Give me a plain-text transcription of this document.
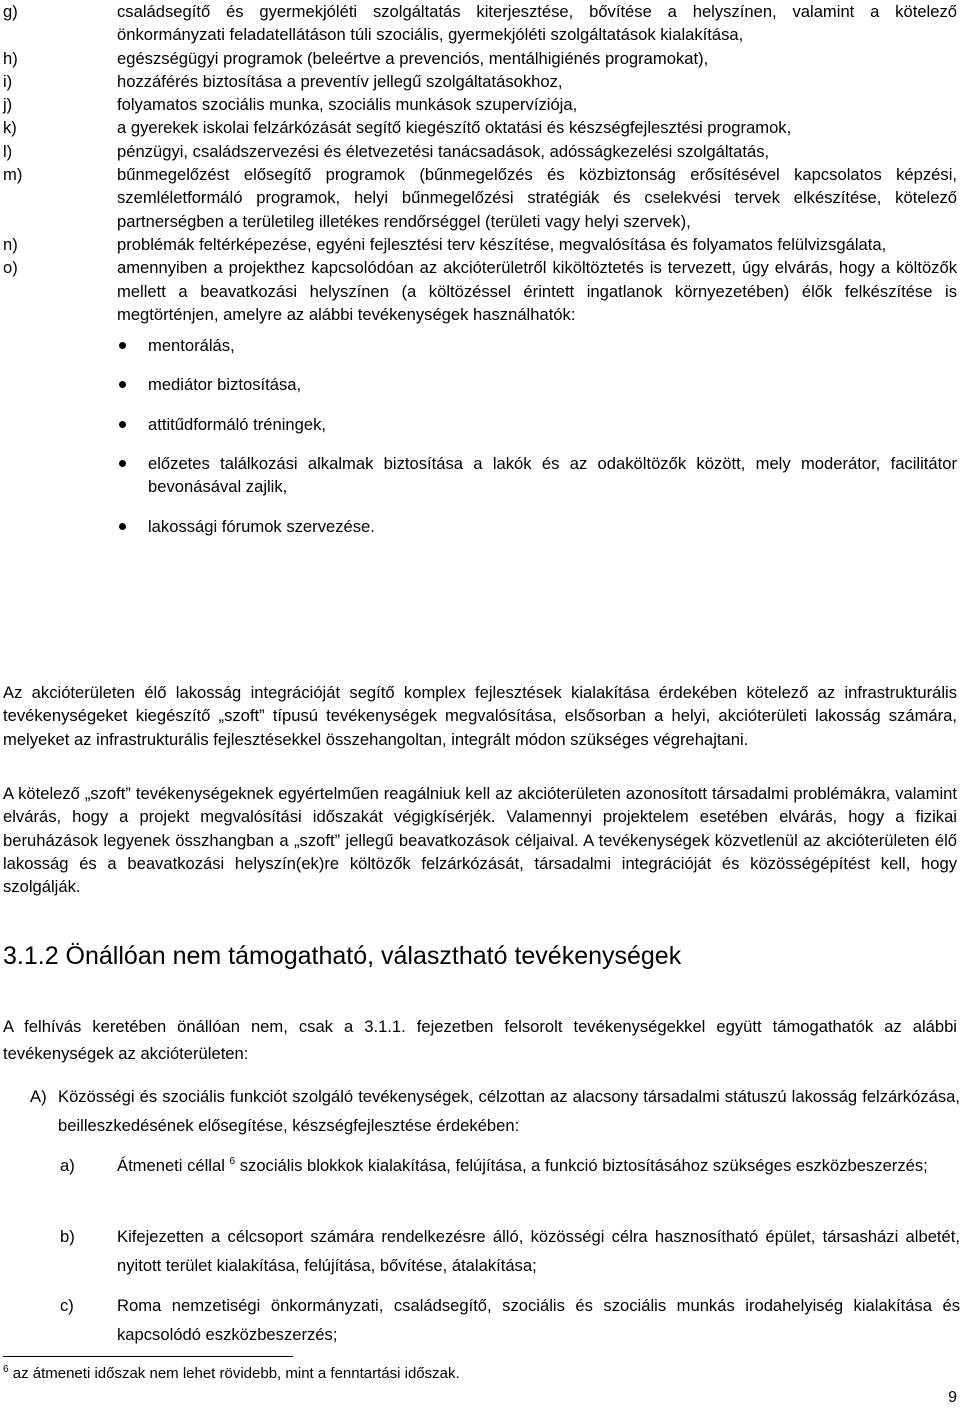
g)	családsegítő és gyermekjóléti szolgáltatás kiterjesztése, bővítése a helyszínen, valamint a kötelező önkormányzati feladatellátáson túli szociális, gyermekjóléti szolgáltatások kialakítása,
h)	egészségügyi programok (beleértve a prevenciós, mentálhigiénés programokat),
i)	hozzáférés biztosítása a preventív jellegű szolgáltatásokhoz,
j)	folyamatos szociális munka, szociális munkások szupervíziója,
k)	a gyerekek iskolai felzárkózását segítő kiegészítő oktatási és készségfejlesztési programok,
l)	pénzügyi, családszervezési és életvezetési tanácsadások, adósságkezelési szolgáltatás,
m)	bűnmegelőzést elősegítő programok (bűnmegelőzés és közbiztonság erősítésével kapcsolatos képzési, szemléletformáló programok, helyi bűnmegelőzési stratégiák és cselekvési tervek elkészítése, kötelező partnerségben a területileg illetékes rendőrséggel (területi vagy helyi szervek),
n)	problémák feltérképezése, egyéni fejlesztési terv készítése, megvalósítása és folyamatos felülvizsgálata,
o)	amennyiben a projekthez kapcsolódóan az akcióterületről kiköltöztetés is tervezett, úgy elvárás, hogy a költözők mellett a beavatkozási helyszínen (a költözéssel érintett ingatlanok környezetében) élők felkészítése is megtörténjen, amelyre az alábbi tevékenységek használhatók:
mentorálás,
mediátor biztosítása,
attitűdformáló tréningek,
előzetes találkozási alkalmak biztosítása a lakók és az odaköltözők között, mely moderátor, facilitátor bevonásával zajlik,
lakossági fórumok szervezése.
Az akcióterületen élő lakosság integrációját segítő komplex fejlesztések kialakítása érdekében kötelező az infrastrukturális tevékenységeket kiegészítő „szoft” típusú tevékenységek megvalósítása, elsősorban a helyi, akcióterületi lakosság számára, melyeket az infrastrukturális fejlesztésekkel összehangoltan, integrált módon szükséges végrehajtani.
A kötelező „szoft” tevékenységeknek egyértelműen reagálniuk kell az akcióterületen azonosított társadalmi problémákra, valamint elvárás, hogy a projekt megvalósítási időszakát végigkísérjék. Valamennyi projektelem esetében elvárás, hogy a fizikai beruházások legyenek összhangban a „szoft” jellegű beavatkozások céljaival. A tevékenységek közvetlenül az akcióterületen élő lakosság és a beavatkozási helyszín(ek)re költözők felzárkózását, társadalmi integrációját és közösségépítést kell, hogy szolgálják.
3.1.2 Önállóan nem támogatható, választható tevékenységek
A felhívás keretében önállóan nem, csak a 3.1.1. fejezetben felsorolt tevékenységekkel együtt támogathatók az alábbi tevékenységek az akcióterületen:
A) Közösségi és szociális funkciót szolgáló tevékenységek, célzottan az alacsony társadalmi státuszú lakosság felzárkózása, beilleszkedésének elősegítése, készségfejlesztése érdekében:
a)	Átmeneti céllal $^6$ szociális blokkok kialakítása, felújítása, a funkció biztosításához szükséges eszközbeszerzés;
b)	Kifejezetten a célcsoport számára rendelkezésre álló, közösségi célra hasznosítható épület, társasházi albetét, nyitott terület kialakítása, felújítása, bővítése, átalakítása;
c)	Roma nemzetiségi önkormányzati, családsegítő, szociális és szociális munkás irodahelyiség kialakítása és kapcsolódó eszközbeszerzés;
$^6$ az átmeneti időszak nem lehet rövidebb, mint a fenntartási időszak.
9
